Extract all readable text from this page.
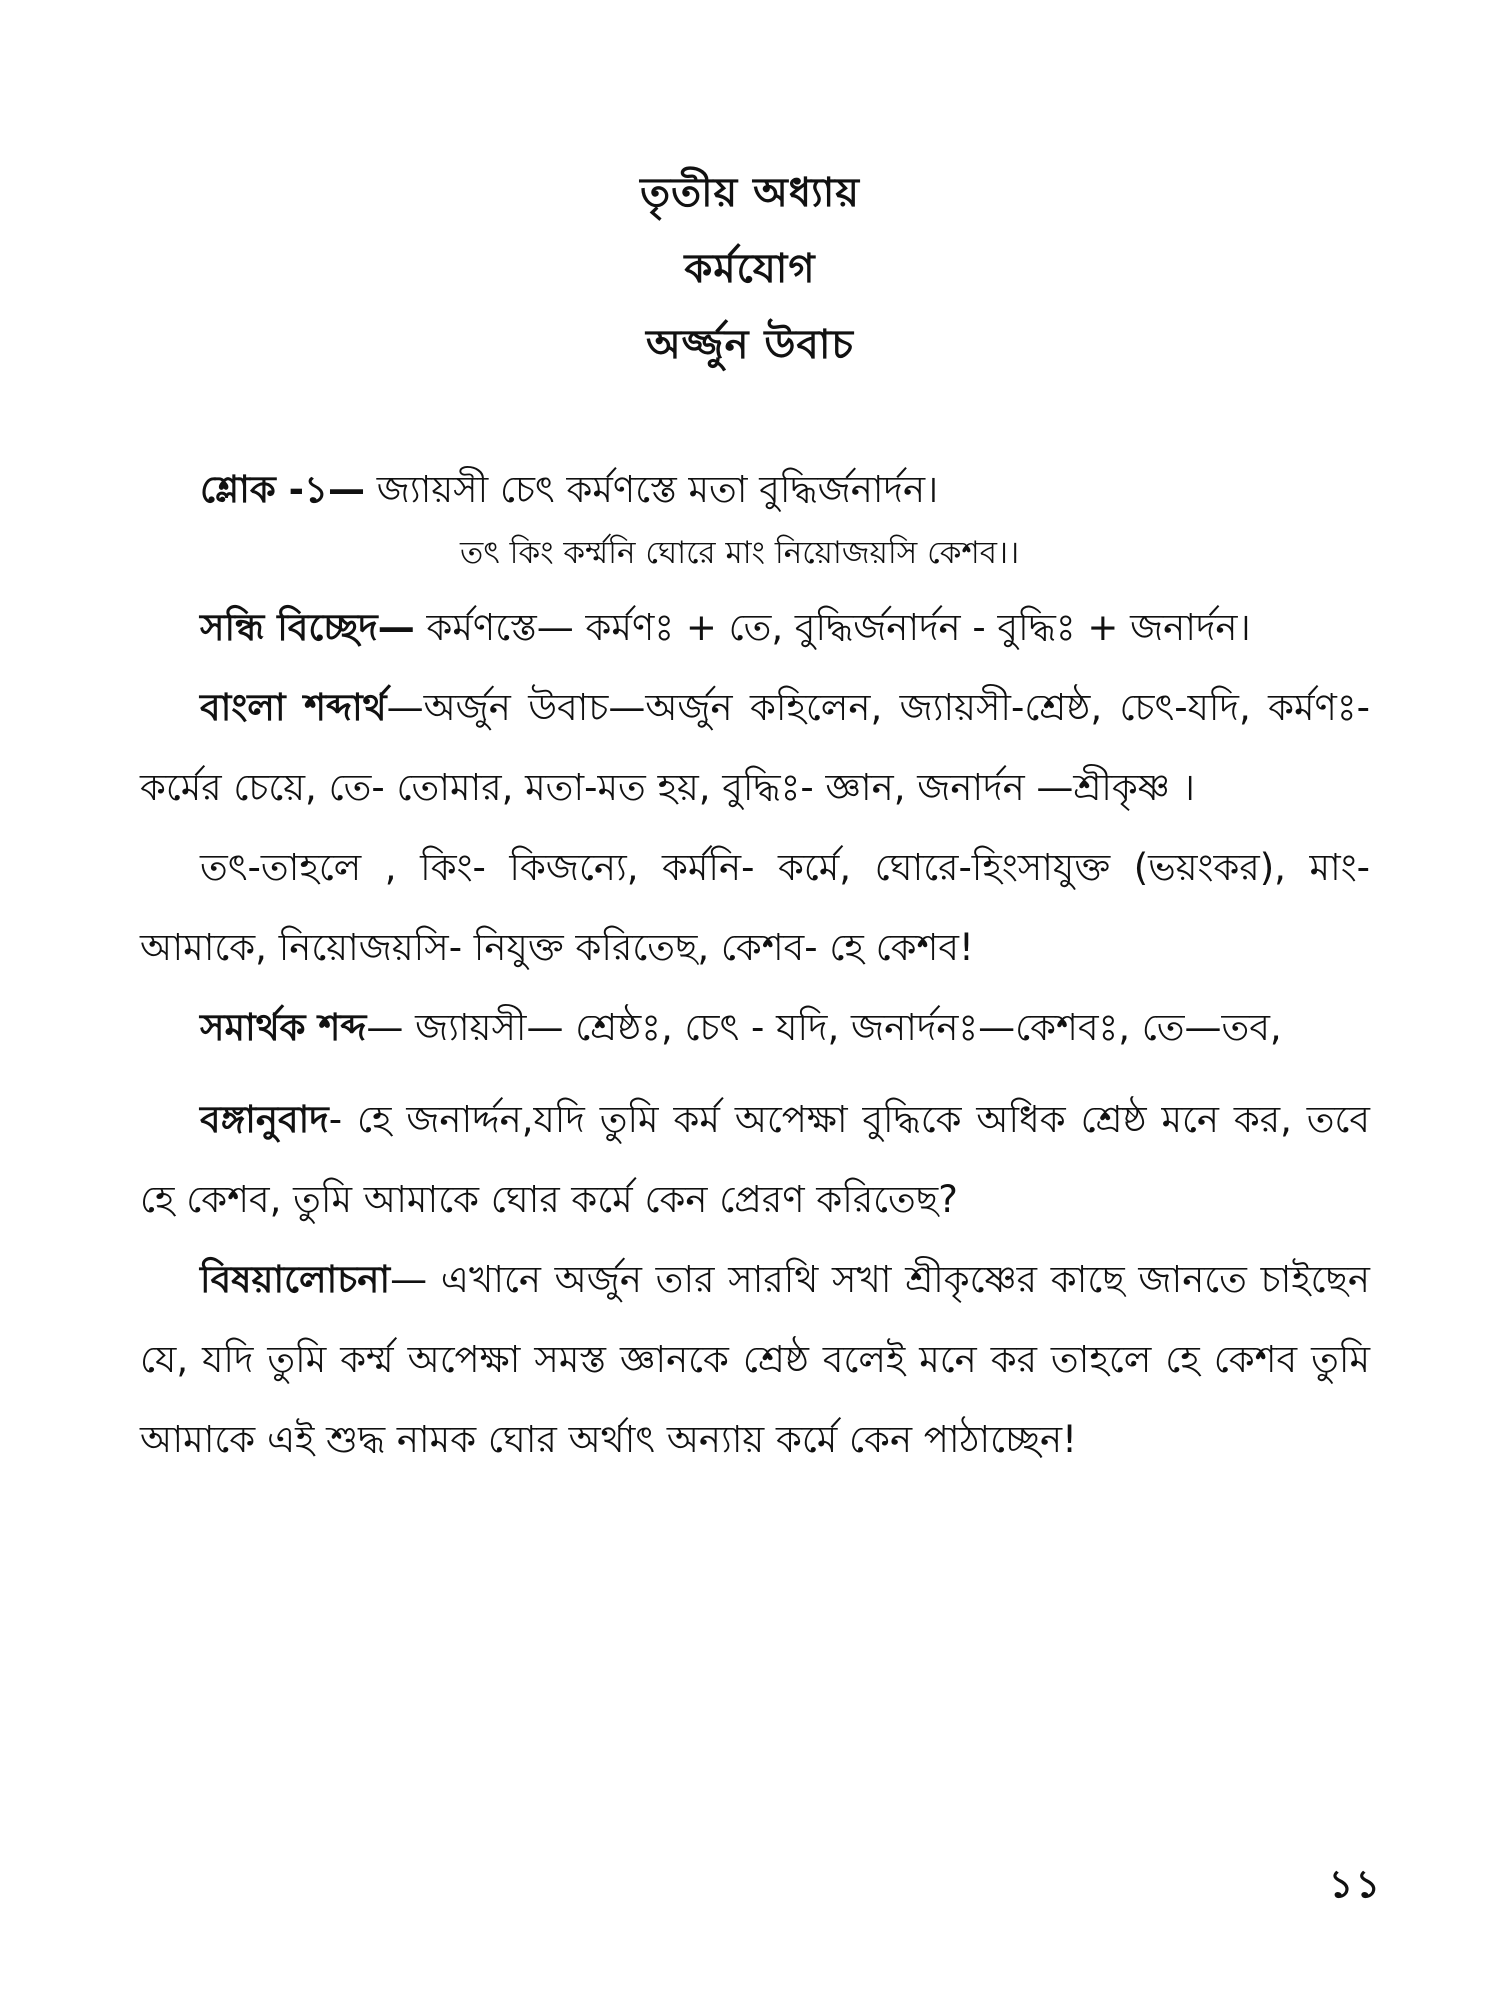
তৃতীয় অধ্যায়
কর্মযোগ
অর্জ্জুন উবাচ

শ্লোক -১— জ্যায়সী চেৎ কর্মণস্তে মতা বুদ্ধির্জনার্দন।

তৎ কিং কর্ম্মনি ঘোরে মাং নিয়োজয়সি কেশব।।

সন্ধি বিচ্ছেদ— কর্মণস্তে— কর্মণঃ + তে, বুদ্ধির্জনার্দন - বুদ্ধিঃ + জনার্দন।

বাংলা শব্দার্থ—অর্জুন উবাচ—অর্জুন কহিলেন, জ্যায়সী-শ্রেষ্ঠ, চেৎ-যদি, কর্মণঃ-কর্মের চেয়ে, তে- তোমার, মতা-মত হয়, বুদ্ধিঃ- জ্ঞান, জনার্দন —শ্রীকৃষ্ণ ।

তৎ-তাহলে , কিং- কিজন্যে, কর্মনি- কর্মে, ঘোরে-হিংসাযুক্ত (ভয়ংকর), মাং- আমাকে, নিয়োজয়সি- নিযুক্ত করিতেছ, কেশব- হে কেশব!

সমার্থক শব্দ— জ্যায়সী— শ্রেষ্ঠঃ, চেৎ - যদি, জনার্দনঃ—কেশবঃ, তে—তব,

বঙ্গানুবাদ- হে জনার্দ্দন,যদি তুমি কর্ম অপেক্ষা বুদ্ধিকে অধিক শ্রেষ্ঠ মনে কর, তবে হে কেশব, তুমি আমাকে ঘোর কর্মে কেন প্রেরণ করিতেছ?

বিষয়ালোচনা— এখানে অর্জুন তার সারথি সখা শ্রীকৃষ্ণের কাছে জানতে চাইছেন যে, যদি তুমি কর্ম্ম অপেক্ষা সমস্ত জ্ঞানকে শ্রেষ্ঠ বলেই মনে কর তাহলে হে কেশব তুমি আমাকে এই শুদ্ধ নামক ঘোর অর্থাৎ অন্যায় কর্মে কেন পাঠাচ্ছেন!

১১
